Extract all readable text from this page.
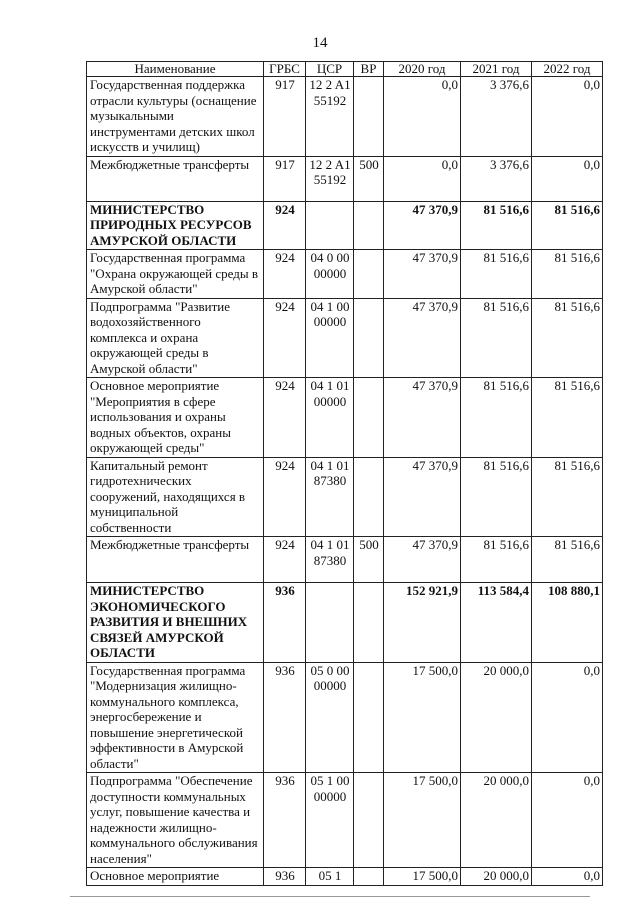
14
Наименование	ГРБС	ЦСР	ВР	2020 год	2021 год	2022 год
Государственная поддержка отрасли культуры (оснащение музыкальными инструментами детских школ искусств и училищ)	917	12 2 A1 55192		0,0	3 376,6	0,0
Межбюджетные трансферты	917	12 2 A1 55192	500	0,0	3 376,6	0,0
МИНИСТЕРСТВО ПРИРОДНЫХ РЕСУРСОВ АМУРСКОЙ ОБЛАСТИ	924			47 370,9	81 516,6	81 516,6
Государственная программа "Охрана окружающей среды в Амурской области"	924	04 0 00 00000		47 370,9	81 516,6	81 516,6
Подпрограмма "Развитие водохозяйственного комплекса и охрана окружающей среды в Амурской области"	924	04 1 00 00000		47 370,9	81 516,6	81 516,6
Основное мероприятие "Мероприятия в сфере использования и охраны водных объектов, охраны окружающей среды"	924	04 1 01 00000		47 370,9	81 516,6	81 516,6
Капитальный ремонт гидротехнических сооружений, находящихся в муниципальной собственности	924	04 1 01 87380		47 370,9	81 516,6	81 516,6
Межбюджетные трансферты	924	04 1 01 87380	500	47 370,9	81 516,6	81 516,6
МИНИСТЕРСТВО ЭКОНОМИЧЕСКОГО РАЗВИТИЯ И ВНЕШНИХ СВЯЗЕЙ АМУРСКОЙ ОБЛАСТИ	936			152 921,9	113 584,4	108 880,1
Государственная программа "Модернизация жилищно-коммунального комплекса, энергосбережение и повышение энергетической эффективности в Амурской области"	936	05 0 00 00000		17 500,0	20 000,0	0,0
Подпрограмма "Обеспечение доступности коммунальных услуг, повышение качества и надежности жилищно-коммунального обслуживания населения"	936	05 1 00 00000		17 500,0	20 000,0	0,0
Основное мероприятие	936	05 1		17 500,0	20 000,0	0,0
